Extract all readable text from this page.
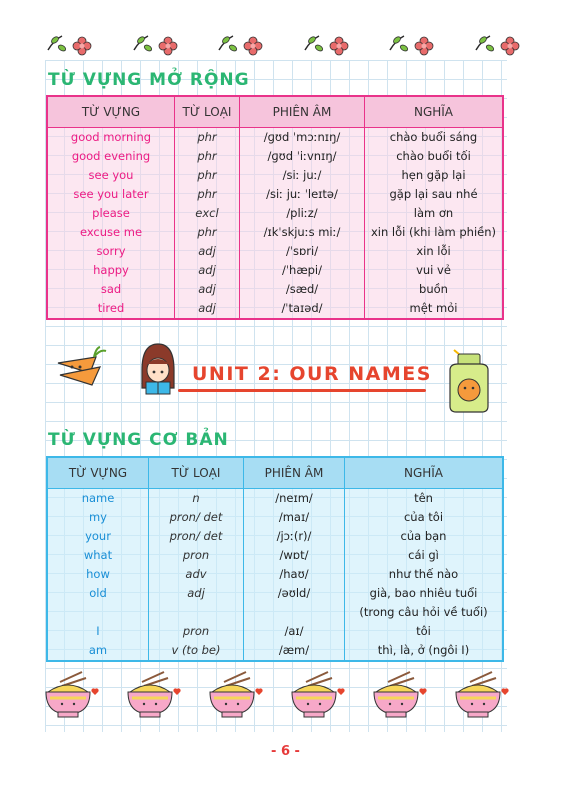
TỪ VỰNG MỞ RỘNG
TỪ VỰNG	TỪ LOẠI	PHIÊN ÂM	NGHĨA
good morning	phr	/ɡʊd ˈmɔːnɪŋ/	chào buổi sáng
good evening	phr	/ɡʊd ˈiːvnɪŋ/	chào buổi tối
see you	phr	/siː juː/	hẹn gặp lại
see you later	phr	/siː juː ˈleɪtə/	gặp lại sau nhé
please	excl	/pliːz/	làm ơn
excuse me	phr	/ɪkˈskjuːs miː/	xin lỗi (khi làm phiền)
sorry	adj	/ˈsɒri/	xin lỗi
happy	adj	/ˈhæpi/	vui vẻ
sad	adj	/sæd/	buồn
tired	adj	/ˈtaɪəd/	mệt mỏi
UNIT 2: OUR NAMES
TỪ VỰNG CƠ BẢN
TỪ VỰNG	TỪ LOẠI	PHIÊN ÂM	NGHĨA
name	n	/neɪm/	tên
my	pron/ det	/maɪ/	của tôi
your	pron/ det	/jɔː(r)/	của bạn
what	pron	/wɒt/	cái gì
how	adv	/haʊ/	như thế nào
old	adj	/əʊld/	già, bao nhiêu tuổi
(trong câu hỏi về tuổi)

I	pron	/aɪ/	tôi
am	v (to be)	/æm/	thì, là, ở (ngôi I)
- 6 -
